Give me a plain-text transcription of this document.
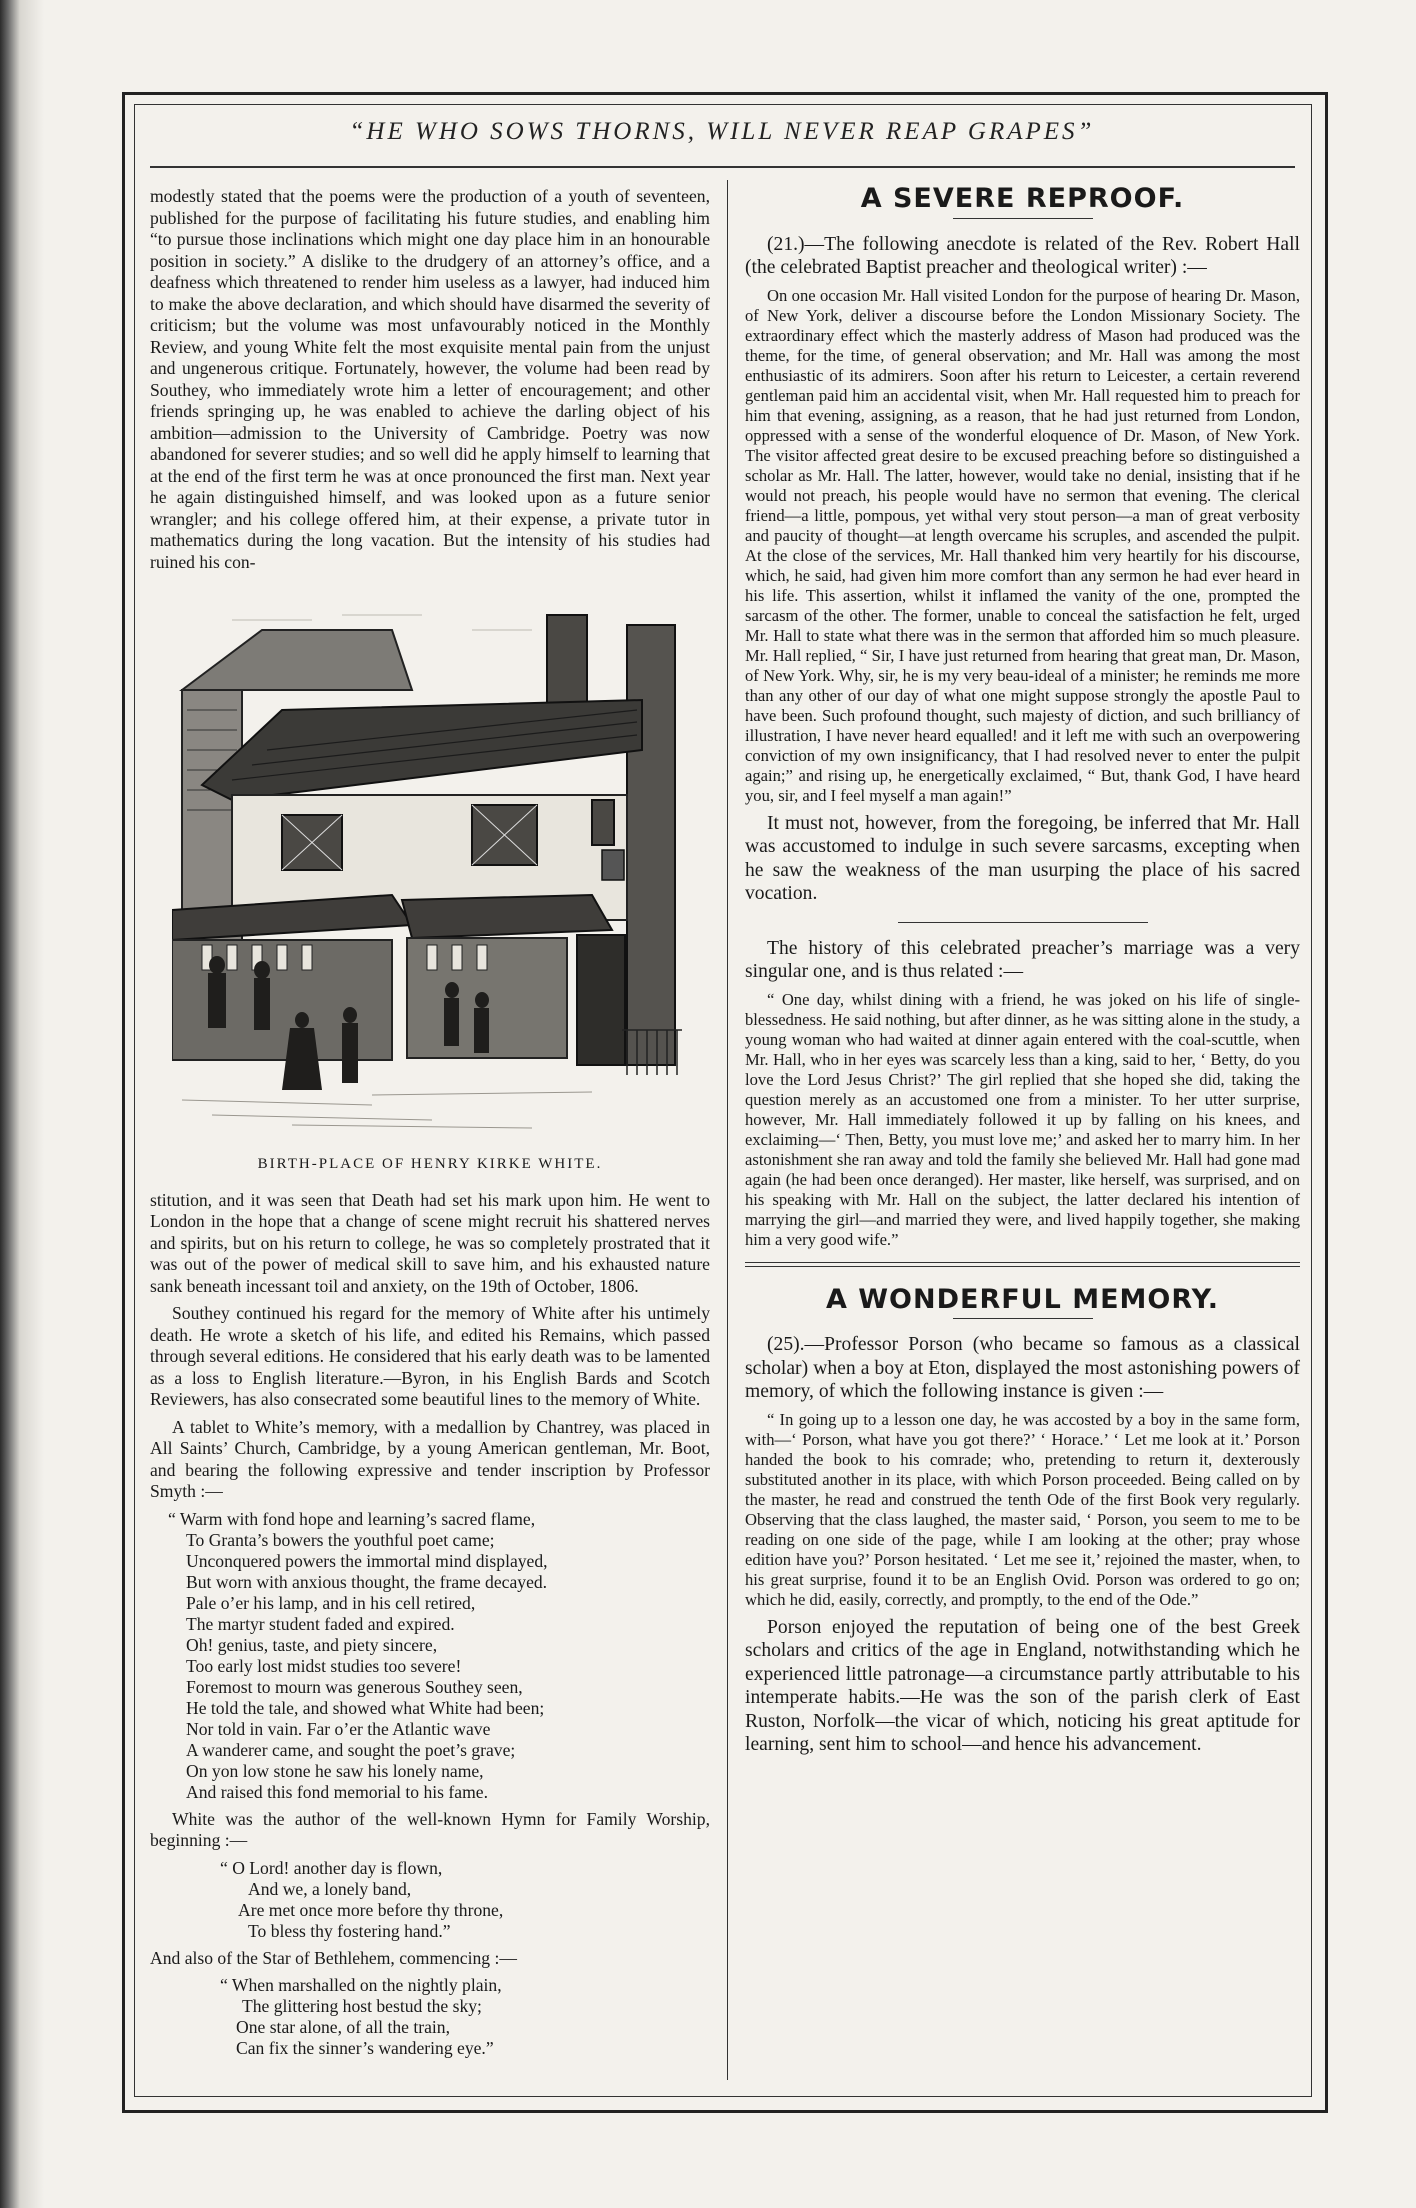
“HE WHO SOWS THORNS, WILL NEVER REAP GRAPES”

modestly stated that the poems were the production of a youth of seventeen, published for the purpose of facilitating his future studies, and enabling him “to pursue those inclinations which might one day place him in an honourable position in society.” A dislike to the drudgery of an attorney’s office, and a deafness which threatened to render him useless as a lawyer, had induced him to make the above declaration, and which should have disarmed the severity of criticism; but the volume was most unfavourably noticed in the Monthly Review, and young White felt the most exquisite mental pain from the unjust and ungenerous critique. Fortunately, however, the volume had been read by Southey, who immediately wrote him a letter of encouragement; and other friends springing up, he was enabled to achieve the darling object of his ambition—admission to the University of Cambridge. Poetry was now abandoned for severer studies; and so well did he apply himself to learning that at the end of the first term he was at once pronounced the first man. Next year he again distinguished himself, and was looked upon as a future senior wrangler; and his college offered him, at their expense, a private tutor in mathematics during the long vacation. But the intensity of his studies had ruined his con-

BIRTH-PLACE OF HENRY KIRKE WHITE.

stitution, and it was seen that Death had set his mark upon him. He went to London in the hope that a change of scene might recruit his shattered nerves and spirits, but on his return to college, he was so completely prostrated that it was out of the power of medical skill to save him, and his exhausted nature sank beneath incessant toil and anxiety, on the 19th of October, 1806.

Southey continued his regard for the memory of White after his untimely death. He wrote a sketch of his life, and edited his Remains, which passed through several editions. He considered that his early death was to be lamented as a loss to English literature.—Byron, in his English Bards and Scotch Reviewers, has also consecrated some beautiful lines to the memory of White.

A tablet to White’s memory, with a medallion by Chantrey, was placed in All Saints’ Church, Cambridge, by a young American gentleman, Mr. Boot, and bearing the following expressive and tender inscription by Professor Smyth :—

“ Warm with fond hope and learning’s sacred flame,
To Granta’s bowers the youthful poet came;
Unconquered powers the immortal mind displayed,
But worn with anxious thought, the frame decayed.
Pale o’er his lamp, and in his cell retired,
The martyr student faded and expired.
Oh! genius, taste, and piety sincere,
Too early lost midst studies too severe!
Foremost to mourn was generous Southey seen,
He told the tale, and showed what White had been;
Nor told in vain. Far o’er the Atlantic wave
A wanderer came, and sought the poet’s grave;
On yon low stone he saw his lonely name,
And raised this fond memorial to his fame.

White was the author of the well-known Hymn for Family Worship, beginning :—

“ O Lord! another day is flown,
And we, a lonely band,
Are met once more before thy throne,
To bless thy fostering hand.”

And also of the Star of Bethlehem, commencing :—

“ When marshalled on the nightly plain,
The glittering host bestud the sky;
One star alone, of all the train,
Can fix the sinner’s wandering eye.”
A SEVERE REPROOF.

(21.)—The following anecdote is related of the Rev. Robert Hall (the celebrated Baptist preacher and theological writer) :—

On one occasion Mr. Hall visited London for the purpose of hearing Dr. Mason, of New York, deliver a discourse before the London Missionary Society. The extraordinary effect which the masterly address of Mason had produced was the theme, for the time, of general observation; and Mr. Hall was among the most enthusiastic of its admirers. Soon after his return to Leicester, a certain reverend gentleman paid him an accidental visit, when Mr. Hall requested him to preach for him that evening, assigning, as a reason, that he had just returned from London, oppressed with a sense of the wonderful eloquence of Dr. Mason, of New York. The visitor affected great desire to be excused preaching before so distinguished a scholar as Mr. Hall. The latter, however, would take no denial, insisting that if he would not preach, his people would have no sermon that evening. The clerical friend—a little, pompous, yet withal very stout person—a man of great verbosity and paucity of thought—at length overcame his scruples, and ascended the pulpit. At the close of the services, Mr. Hall thanked him very heartily for his discourse, which, he said, had given him more comfort than any sermon he had ever heard in his life. This assertion, whilst it inflamed the vanity of the one, prompted the sarcasm of the other. The former, unable to conceal the satisfaction he felt, urged Mr. Hall to state what there was in the sermon that afforded him so much pleasure. Mr. Hall replied, “ Sir, I have just returned from hearing that great man, Dr. Mason, of New York. Why, sir, he is my very beau-ideal of a minister; he reminds me more than any other of our day of what one might suppose strongly the apostle Paul to have been. Such profound thought, such majesty of diction, and such brilliancy of illustration, I have never heard equalled! and it left me with such an overpowering conviction of my own insignificancy, that I had resolved never to enter the pulpit again;” and rising up, he energetically exclaimed, “ But, thank God, I have heard you, sir, and I feel myself a man again!”

It must not, however, from the foregoing, be inferred that Mr. Hall was accustomed to indulge in such severe sarcasms, excepting when he saw the weakness of the man usurping the place of his sacred vocation.

The history of this celebrated preacher’s marriage was a very singular one, and is thus related :—

“ One day, whilst dining with a friend, he was joked on his life of single-blessedness. He said nothing, but after dinner, as he was sitting alone in the study, a young woman who had waited at dinner again entered with the coal-scuttle, when Mr. Hall, who in her eyes was scarcely less than a king, said to her, ‘ Betty, do you love the Lord Jesus Christ?’ The girl replied that she hoped she did, taking the question merely as an accustomed one from a minister. To her utter surprise, however, Mr. Hall immediately followed it up by falling on his knees, and exclaiming—‘ Then, Betty, you must love me;’ and asked her to marry him. In her astonishment she ran away and told the family she believed Mr. Hall had gone mad again (he had been once deranged). Her master, like herself, was surprised, and on his speaking with Mr. Hall on the subject, the latter declared his intention of marrying the girl—and married they were, and lived happily together, she making him a very good wife.”

A WONDERFUL MEMORY.

(25).—Professor Porson (who became so famous as a classical scholar) when a boy at Eton, displayed the most astonishing powers of memory, of which the following instance is given :—

“ In going up to a lesson one day, he was accosted by a boy in the same form, with—‘ Porson, what have you got there?’ ‘ Horace.’ ‘ Let me look at it.’ Porson handed the book to his comrade; who, pretending to return it, dexterously substituted another in its place, with which Porson proceeded. Being called on by the master, he read and construed the tenth Ode of the first Book very regularly. Observing that the class laughed, the master said, ‘ Porson, you seem to me to be reading on one side of the page, while I am looking at the other; pray whose edition have you?’ Porson hesitated. ‘ Let me see it,’ rejoined the master, when, to his great surprise, found it to be an English Ovid. Porson was ordered to go on; which he did, easily, correctly, and promptly, to the end of the Ode.”

Porson enjoyed the reputation of being one of the best Greek scholars and critics of the age in England, notwithstanding which he experienced little patronage—a circumstance partly attributable to his intemperate habits.—He was the son of the parish clerk of East Ruston, Norfolk—the vicar of which, noticing his great aptitude for learning, sent him to school—and hence his advancement.
